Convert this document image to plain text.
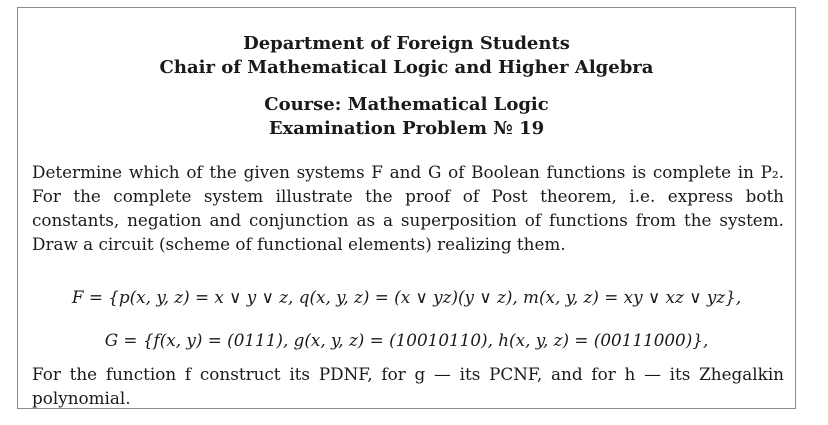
Department of Foreign Students
Chair of Mathematical Logic and Higher Algebra
Course: Mathematical Logic
Examination Problem № 19
Determine which of the given systems F and G of Boolean functions is complete in P₂. For the complete system illustrate the proof of Post theorem, i.e. express both constants, negation and conjunction as a superposition of functions from the system. Draw a circuit (scheme of functional elements) realizing them.
F = {p(x, y, z) = x ∨ y ∨ z, q(x, y, z) = (x ∨ yz)(y ∨ z), m(x, y, z) = xy ∨ xz ∨ yz},
G = {f(x, y) = (0111), g(x, y, z) = (10010110), h(x, y, z) = (00111000)},
For the function f construct its PDNF, for g — its PCNF, and for h — its Zhegalkin polynomial.
